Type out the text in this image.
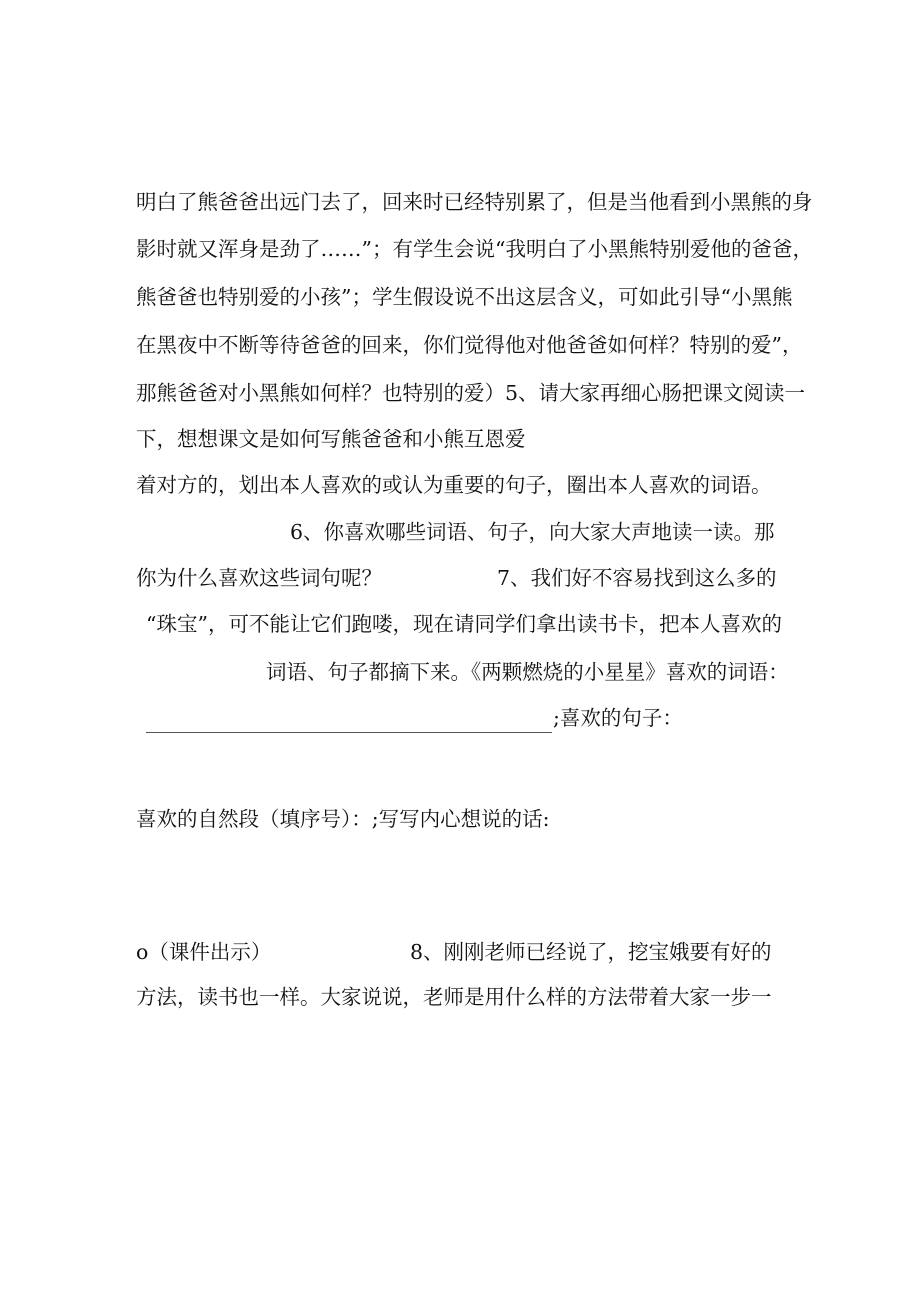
明白了熊爸爸出远门去了，回来时已经特别累了，但是当他看到小黑熊的身
影时就又浑身是劲了……”；有学生会说“我明白了小黑熊特别爱他的爸爸，
熊爸爸也特别爱的小孩”；学生假设说不出这层含义，可如此引导“小黑熊
在黑夜中不断等待爸爸的回来，你们觉得他对他爸爸如何样？特别的爱”，
那熊爸爸对小黑熊如何样？也特别的爱）5、请大家再细心肠把课文阅读一
下，想想课文是如何写熊爸爸和小熊互恩爱
着对方的，划出本人喜欢的或认为重要的句子，圈出本人喜欢的词语。
6、你喜欢哪些词语、句子，向大家大声地读一读。那
你为什么喜欢这些词句呢？	7、我们好不容易找到这么多的
“珠宝”，可不能让它们跑喽，现在请同学们拿出读书卡，把本人喜欢的
词语、句子都摘下来。《两颗燃烧的小星星》喜欢的词语：
;喜欢的句子：
喜欢的自然段（填序号）：;写写内心想说的话:
o（课件出示）	8、刚刚老师已经说了，挖宝娥要有好的
方法，读书也一样。大家说说，老师是用什么样的方法带着大家一步一
